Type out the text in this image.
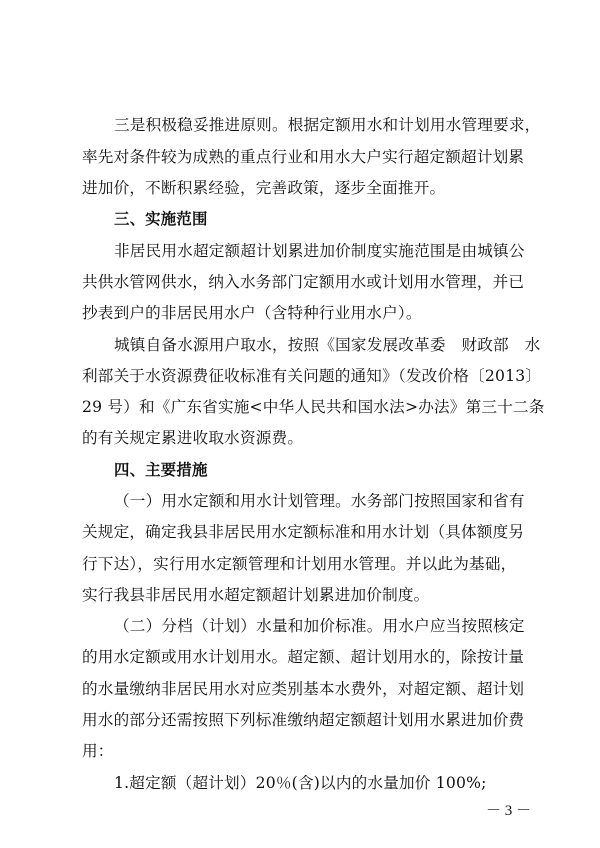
三是积极稳妥推进原则。根据定额用水和计划用水管理要求，
率先对条件较为成熟的重点行业和用水大户实行超定额超计划累
进加价，不断积累经验，完善政策，逐步全面推开。
三、实施范围
非居民用水超定额超计划累进加价制度实施范围是由城镇公
共供水管网供水，纳入水务部门定额用水或计划用水管理，并已
抄表到户的非居民用水户（含特种行业用水户）。
城镇自备水源用户取水，按照《国家发展改革委　财政部　水
利部关于水资源费征收标准有关问题的通知》（发改价格〔2013〕
29 号）和《广东省实施<中华人民共和国水法>办法》第三十二条
的有关规定累进收取水资源费。
四、主要措施
（一）用水定额和用水计划管理。水务部门按照国家和省有
关规定，确定我县非居民用水定额标准和用水计划（具体额度另
行下达），实行用水定额管理和计划用水管理。并以此为基础，
实行我县非居民用水超定额超计划累进加价制度。
（二）分档（计划）水量和加价标准。用水户应当按照核定
的用水定额或用水计划用水。超定额、超计划用水的，除按计量
的水量缴纳非居民用水对应类别基本水费外，对超定额、超计划
用水的部分还需按照下列标准缴纳超定额超计划用水累进加价费
用：
1.超定额（超计划）20％(含)以内的水量加价 100%;
－ 3 －
